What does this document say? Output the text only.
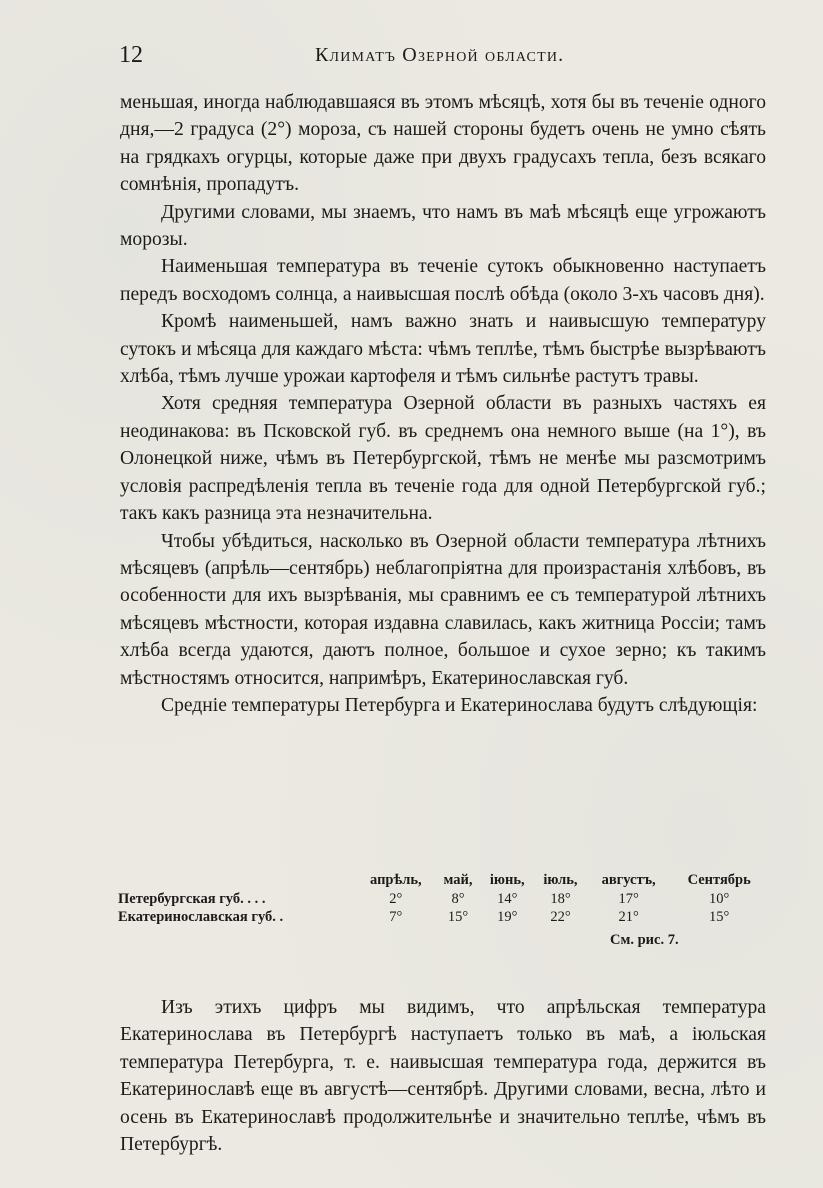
12	Климатъ Озерной области.

меньшая, иногда наблюдавшаяся въ этомъ мѣсяцѣ, хотя бы въ теченіе одного дня,—2 градуса (2°) мороза, съ нашей стороны будетъ очень не умно сѣять на грядкахъ огурцы, которые даже при двухъ градусахъ тепла, безъ всякаго сомнѣнія, пропадутъ.

Другими словами, мы знаемъ, что намъ въ маѣ мѣсяцѣ еще угрожаютъ морозы.

Наименьшая температура въ теченіе сутокъ обыкновенно наступаетъ передъ восходомъ солнца, а наивысшая послѣ обѣда (около 3-хъ часовъ дня).

Кромѣ наименьшей, намъ важно знать и наивысшую температуру сутокъ и мѣсяца для каждаго мѣста: чѣмъ теплѣе, тѣмъ быстрѣе вызрѣваютъ хлѣба, тѣмъ лучше урожаи картофеля и тѣмъ сильнѣе растутъ травы.

Хотя средняя температура Озерной области въ разныхъ частяхъ ея неодинакова: въ Псковской губ. въ среднемъ она немного выше (на 1°), въ Олонецкой ниже, чѣмъ въ Петербургской, тѣмъ не менѣе мы разсмотримъ условія распредѣленія тепла въ теченіе года для одной Петербургской губ.; такъ какъ разница эта незначительна.

Чтобы убѣдиться, насколько въ Озерной области температура лѣтнихъ мѣсяцевъ (апрѣль—сентябрь) неблагопріятна для произрастанія хлѣбовъ, въ особенности для ихъ вызрѣванія, мы сравнимъ ее съ температурой лѣтнихъ мѣсяцевъ мѣстности, которая издавна славилась, какъ житница Россіи; тамъ хлѣба всегда удаются, даютъ полное, большое и сухое зерно; къ такимъ мѣстностямъ относится, напримѣръ, Екатеринославская губ.

Средніе температуры Петербурга и Екатеринослава будутъ слѣдующія:

	апрѣль,	май,	іюнь,	іюль,	августъ,	Сентябрь
Петербургская губ. . . .	2°	8°	14°	18°	17°	10°
Екатеринославская губ. .	7°	15°	19°	22°	21°	15°
См. рис. 7.

Изъ этихъ цифръ мы видимъ, что апрѣльская температура Екатеринослава въ Петербургѣ наступаетъ только въ маѣ, а іюльская температура Петербурга, т. е. наивысшая температура года, держится въ Екатеринославѣ еще въ августѣ—сентябрѣ. Другими словами, весна, лѣто и осень въ Екатеринославѣ продолжительнѣе и значительно теплѣе, чѣмъ въ Петербургѣ.
